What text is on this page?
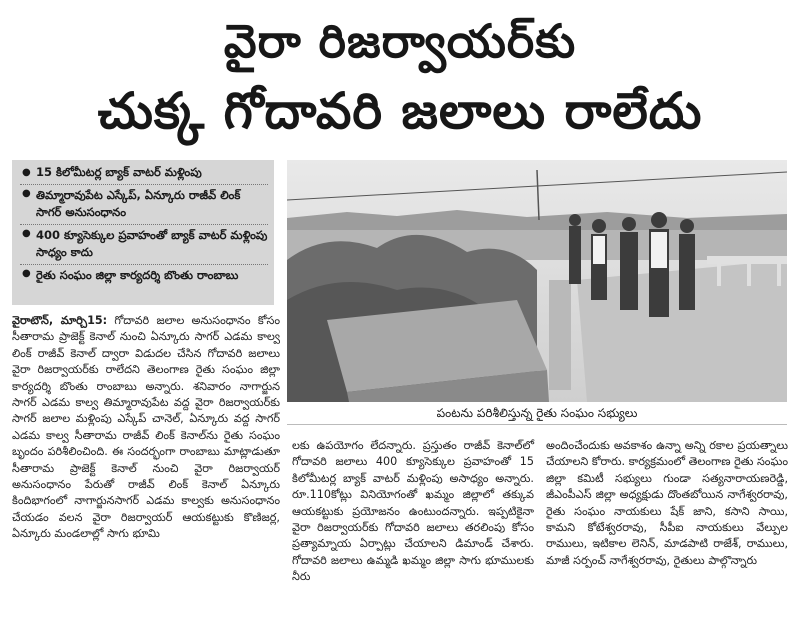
వైరా రిజర్వాయర్‌కు
చుక్క గోదావరి జలాలు రాలేదు
● 15 కిలోమీటర్ల బ్యాక్ వాటర్ మళ్లింపు
● తిమ్మారావుపేట ఎస్కేప్, ఏన్కూరు రాజీవ్ లింక్ సాగర్ అనుసంధానం
● 400 క్యూసెక్కుల ప్రవాహంతో బ్యాక్ వాటర్ మళ్లింపు సాధ్యం కాదు
● రైతు సంఘం జిల్లా కార్యదర్శి బొంతు రాంబాబు
పంటను పరిశీలిస్తున్న రైతు సంఘం సభ్యులు
వైరాటౌన్, మార్చి15: గోదావరి జలాల అనుసంధానం కోసం సీతారామ ప్రాజెక్ట్ కెనాల్ నుంచి ఏన్కూరు సాగర్ ఎడమ కాల్వ లింక్ రాజీవ్ కెనాల్ ద్వారా విడుదల చేసిన గోదావరి జలాలు వైరా రిజర్వాయర్‌కు రాలేదని తెలంగాణ రైతు సంఘం జిల్లా కార్యదర్శి బొంతు రాంబాబు అన్నారు. శనివారం నాగార్జున సాగర్ ఎడమ కాల్వ తిమ్మారావుపేట వద్ద వైరా రిజర్వాయర్‌కు సాగర్ జలాల మళ్లింపు ఎస్కేప్ చానెల్, ఏన్కూరు వద్ద సాగర్ ఎడమ కాల్వ సీతారామ రాజీవ్ లింక్ కెనాల్‌ను రైతు సంఘం బృందం పరిశీలించింది. ఈ సందర్భంగా రాంబాబు మాట్లాడుతూ సీతారామ ప్రాజెక్ట్ కెనాల్ నుంచి వైరా రిజర్వాయర్ అనుసంధానం పేరుతో రాజీవ్ లింక్ కెనాల్ ఏన్కూరు కిందిభాగంలో నాగార్జునసాగర్ ఎడమ కాల్వకు అనుసంధానం చేయడం వలన వైరా రిజర్వాయర్ ఆయకట్టుకు కొణిజర్ల, ఏన్కూరు మండలాల్లో సాగు భూమి
లకు ఉపయోగం లేదన్నారు. ప్రస్తుతం రాజీవ్ కెనాల్‌లో గోదావరి జలాలు 400 క్యూసెక్కుల ప్రవాహంతో 15 కిలోమీటర్ల బ్యాక్ వాటర్ మళ్లింపు అసాధ్యం అన్నారు. రూ.110కోట్లు వినియోగంతో ఖమ్మం జిల్లాలో తక్కువ ఆయకట్టుకు ప్రయోజనం ఉంటుందన్నారు. ఇప్పటికైనా వైరా రిజర్వాయర్‌కు గోదావరి జలాలు తరలింపు కోసం ప్రత్యామ్నాయ ఏర్పాట్లు చేయాలని డిమాండ్ చేశారు. గోదావరి జలాలు ఉమ్మడి ఖమ్మం జిల్లా సాగు భూములకు నీరు
అందించేందుకు అవకాశం ఉన్నా అన్ని రకాల ప్రయత్నాలు చేయాలని కోరారు. కార్యక్రమంలో తెలంగాణ రైతు సంఘం జిల్లా కమిటీ సభ్యులు గుండా సత్యనారాయణరెడ్డి, జీఎంపీఎస్ జిల్లా అధ్యక్షుడు దొంతబోయిన నాగేశ్వరరావు, రైతు సంఘం నాయకులు షేక్ జాని, కసాని సాయి, కామని కోటేశ్వరరావు, సీపీఐ నాయకులు వేల్పుల రాములు, ఇటికాల లెనిన్, మాడపాటి రాజేశ్, రాములు, మాజీ సర్పంచ్ నాగేశ్వరరావు, రైతులు పాల్గొన్నారు
